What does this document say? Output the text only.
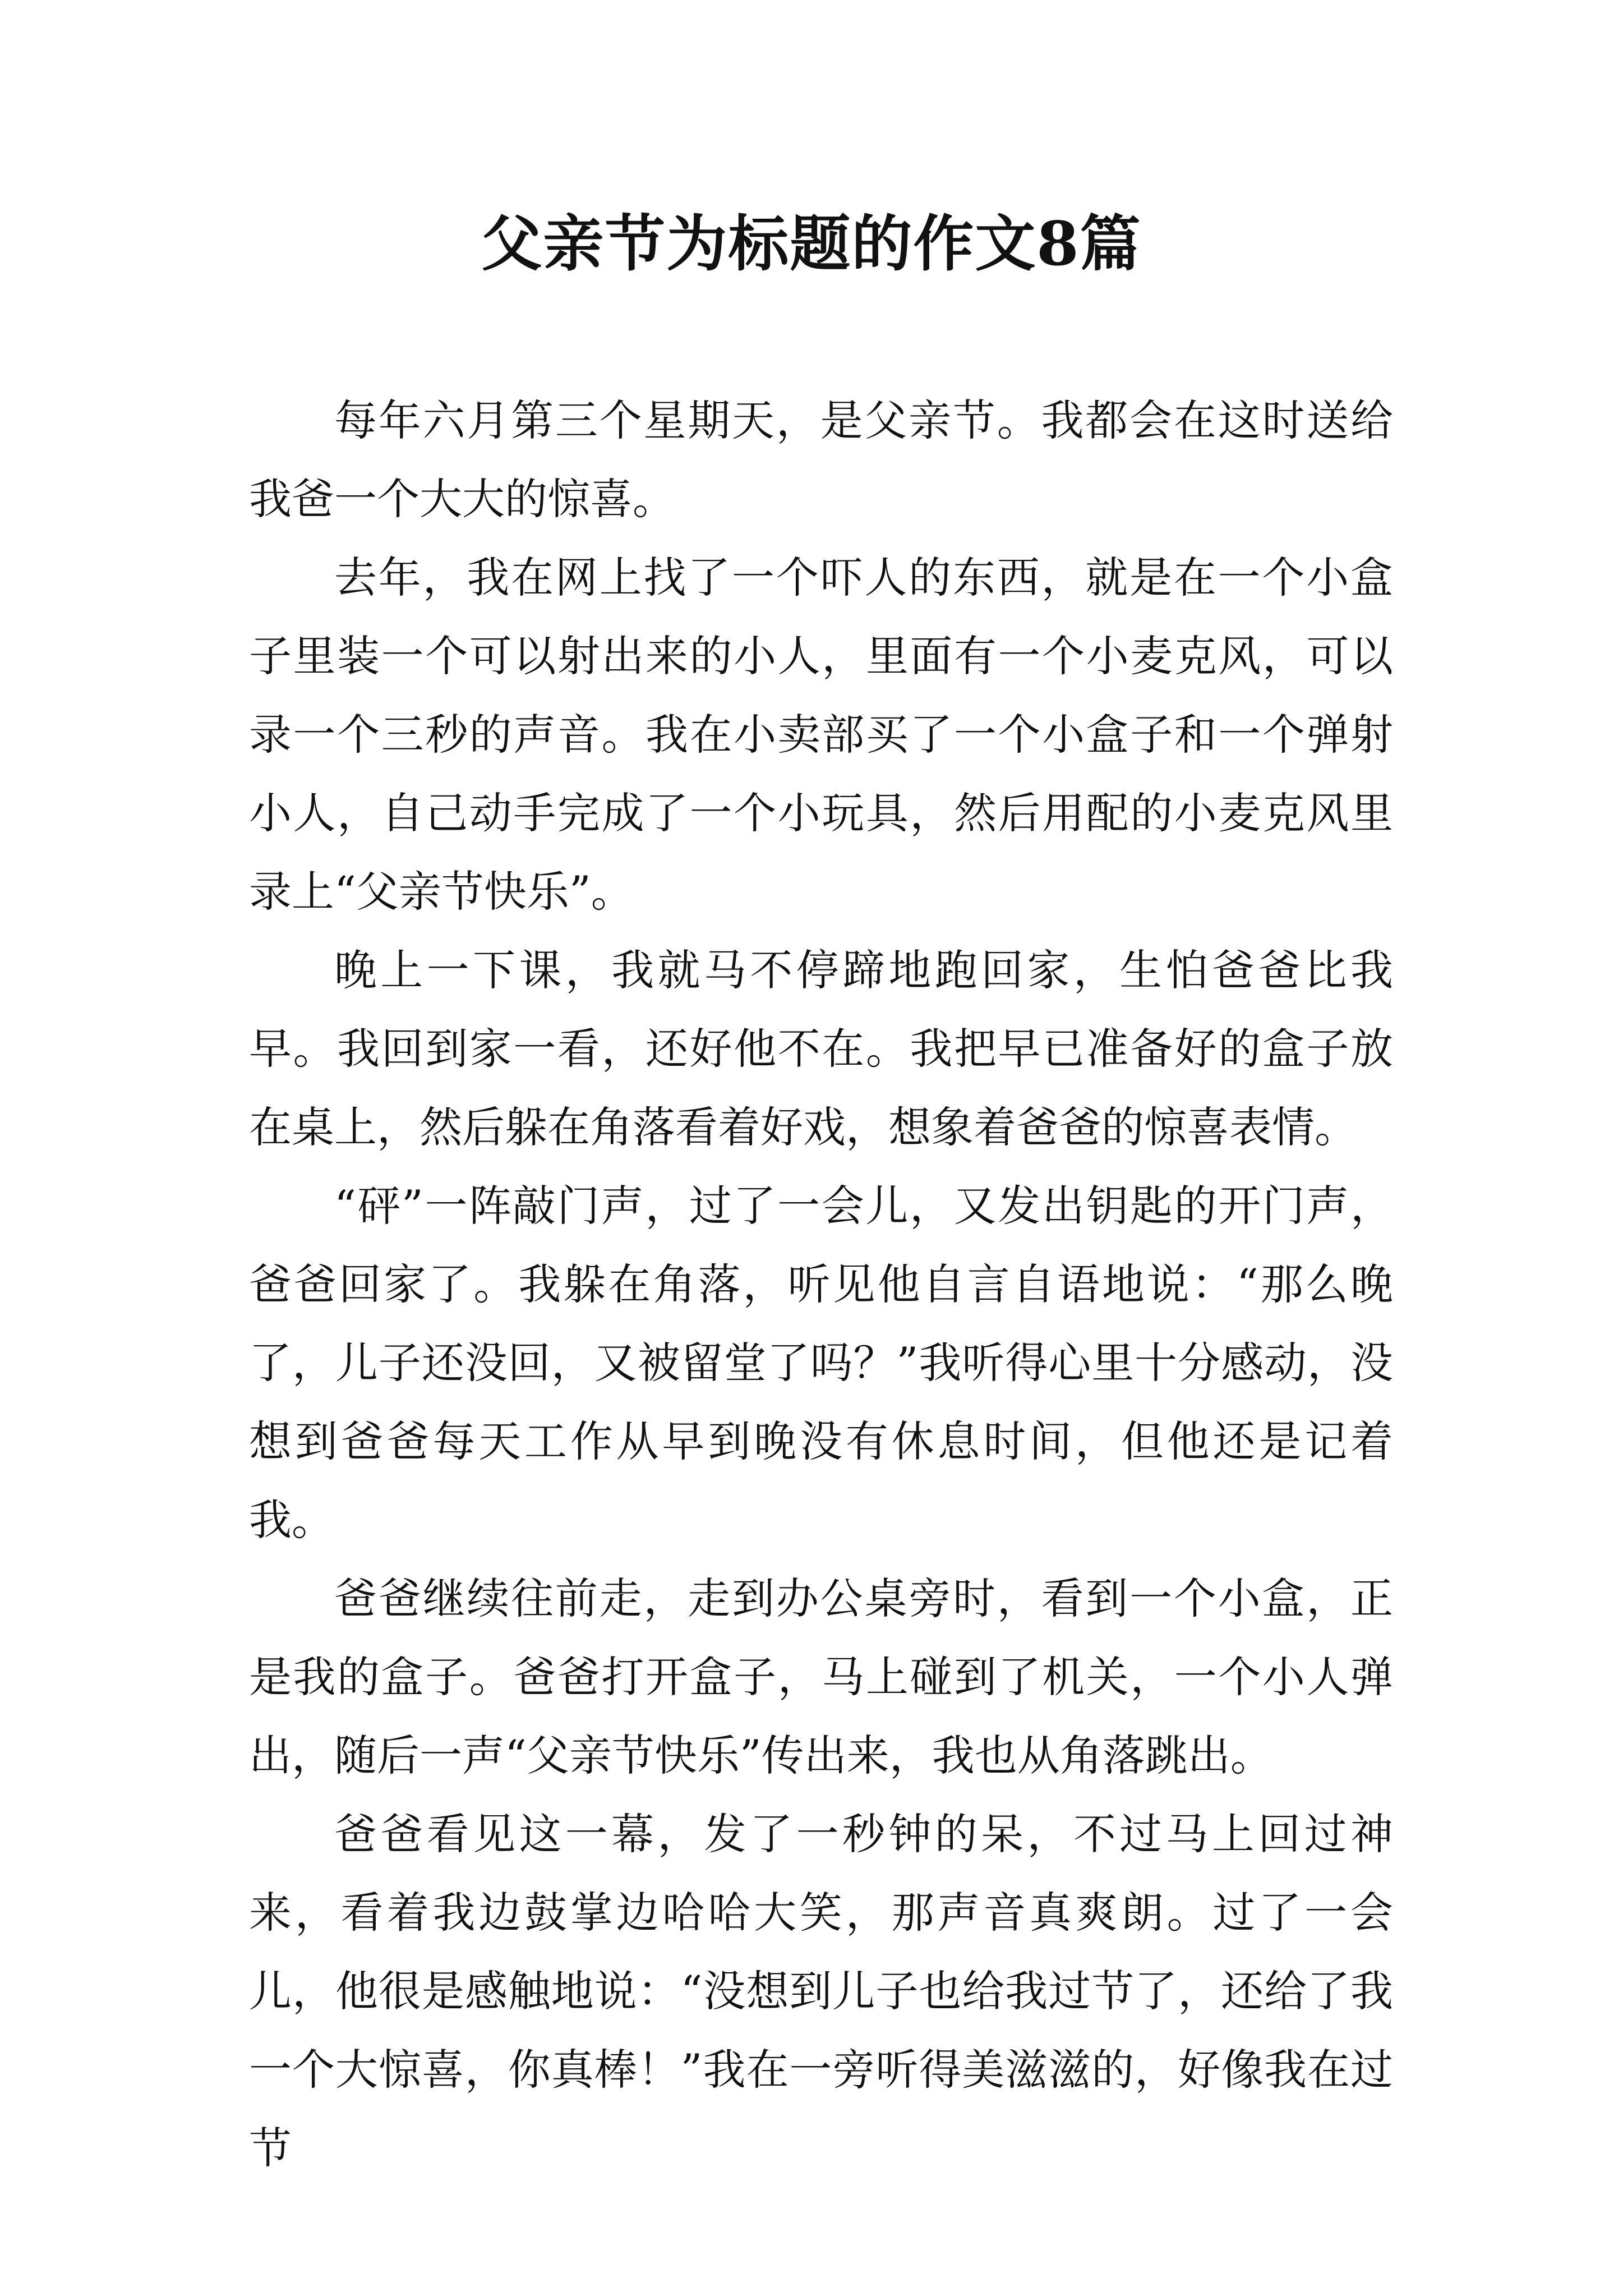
父亲节为标题的作文8篇

每年六月第三个星期天，是父亲节。我都会在这时送给我爸一个大大的惊喜。

去年，我在网上找了一个吓人的东西，就是在一个小盒子里装一个可以射出来的小人，里面有一个小麦克风，可以录一个三秒的声音。我在小卖部买了一个小盒子和一个弹射小人，自己动手完成了一个小玩具，然后用配的小麦克风里录上“父亲节快乐”。

晚上一下课，我就马不停蹄地跑回家，生怕爸爸比我早。我回到家一看，还好他不在。我把早已准备好的盒子放在桌上，然后躲在角落看着好戏，想象着爸爸的惊喜表情。

“砰”一阵敲门声，过了一会儿，又发出钥匙的开门声，爸爸回家了。我躲在角落，听见他自言自语地说：“那么晚了，儿子还没回，又被留堂了吗？”我听得心里十分感动，没想到爸爸每天工作从早到晚没有休息时间，但他还是记着我。

爸爸继续往前走，走到办公桌旁时，看到一个小盒，正是我的盒子。爸爸打开盒子，马上碰到了机关，一个小人弹出，随后一声“父亲节快乐”传出来，我也从角落跳出。

爸爸看见这一幕，发了一秒钟的呆，不过马上回过神来，看着我边鼓掌边哈哈大笑，那声音真爽朗。过了一会儿，他很是感触地说：“没想到儿子也给我过节了，还给了我一个大惊喜，你真棒！”我在一旁听得美滋滋的，好像我在过节
